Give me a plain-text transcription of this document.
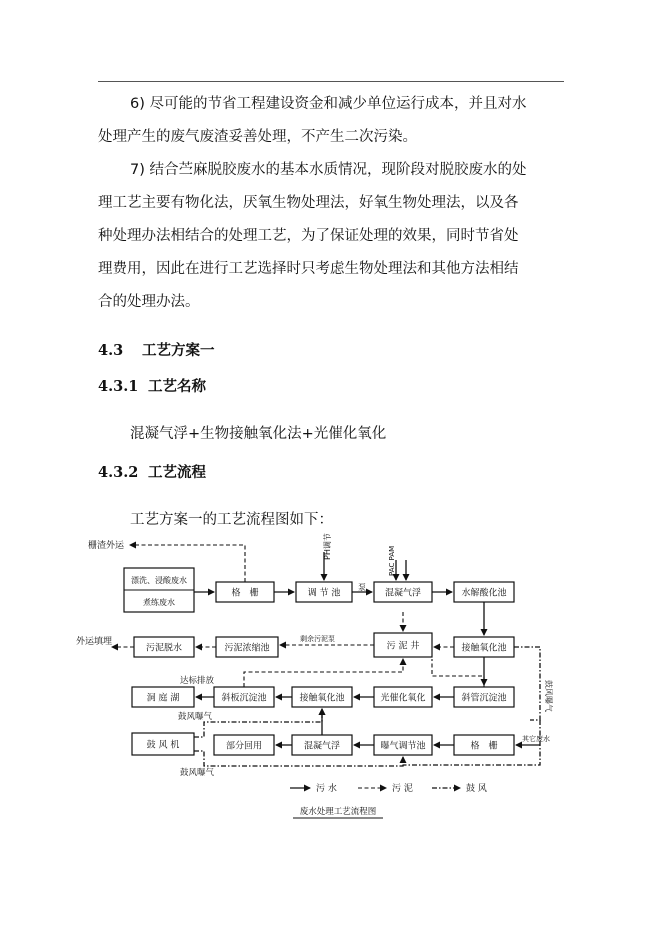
6) 尽可能的节省工程建设资金和减少单位运行成本，并且对水
处理产生的废气废渣妥善处理，不产生二次污染。

7) 结合苎麻脱胶废水的基本水质情况，现阶段对脱胶废水的处
理工艺主要有物化法，厌氧生物处理法，好氧生物处理法，以及各
种处理办法相结合的处理工艺，为了保证处理的效果，同时节省处
理费用，因此在进行工艺选择时只考虑生物处理法和其他方法相结
合的处理办法。

4.3 工艺方案一
4.3.1 工艺名称
混凝气浮+生物接触氧化法+光催化氧化
4.3.2 工艺流程
工艺方案一的工艺流程图如下：
漂洗、浸酸废水
煮练废水
格　栅	调 节 池	混凝气浮	水解酸化池
污泥脱水	污泥浓缩池	污 泥 井	接触氧化池
洞 庭 湖	斜板沉淀池	接触氧化池	光催化氧化	斜管沉淀池
鼓 风 机	部分回用	混凝气浮	曝气调节池	格　栅
栅渣外运	PH调节
泵
PAC PAM
外运填埋	剩余污泥泵
达标排放
鼓风曝气
鼓风曝气
鼓风曝气
其它废水
污 水	污 泥	鼓 风
废水处理工艺流程图
